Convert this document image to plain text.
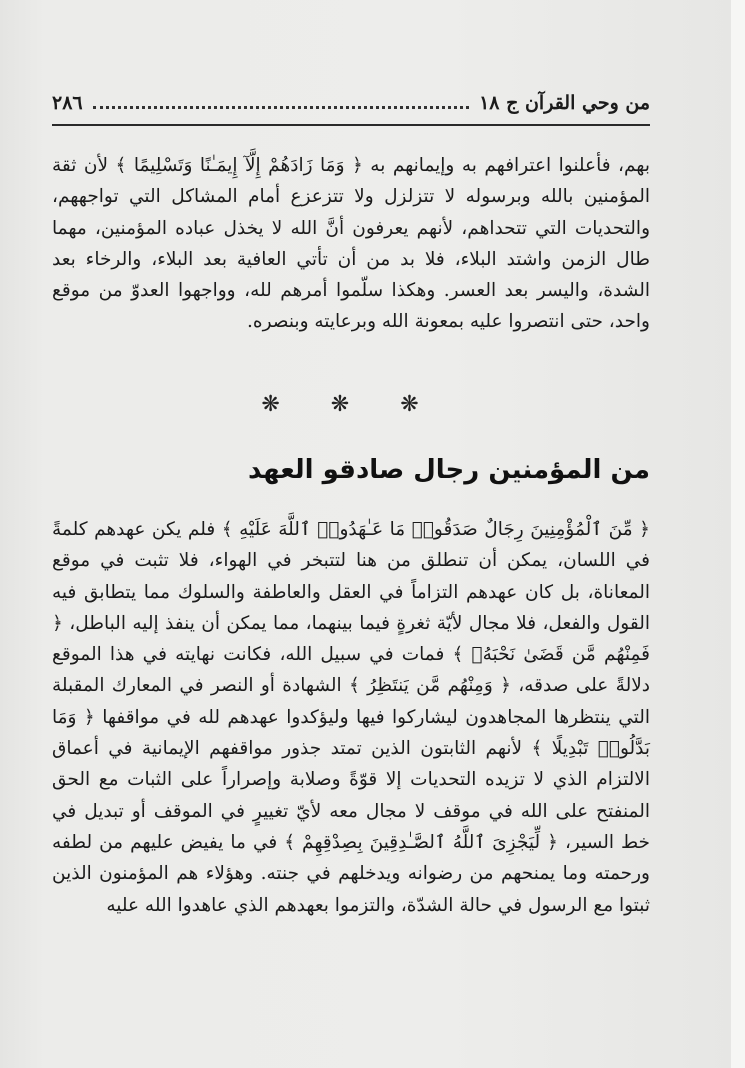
من وحي القرآن ج ١٨
٢٨٦

بهم، فأعلنوا اعترافهم به وإيمانهم به ﴿ وَمَا زَادَهُمْ إِلَّآ إِيمَـٰنًا وَتَسْلِيمًا ﴾ لأن ثقة المؤمنين بالله وبرسوله لا تتزلزل ولا تتزعزع أمام المشاكل التي تواجههم، والتحديات التي تتحداهم، لأنهم يعرفون أنَّ الله لا يخذل عباده المؤمنين، مهما طال الزمن واشتد البلاء، فلا بد من أن تأتي العافية بعد البلاء، والرخاء بعد الشدة، واليسر بعد العسر. وهكذا سلّموا أمرهم لله، وواجهوا العدوّ من موقع واحد، حتى انتصروا عليه بمعونة الله وبرعايته وبنصره.

❋ ❋ ❋
من المؤمنين رجال صادقو العهد

﴿ مِّنَ ٱلْمُؤْمِنِينَ رِجَالٌ صَدَقُوا۟ مَا عَـٰهَدُوا۟ ٱللَّهَ عَلَيْهِ ﴾ فلم يكن عهدهم كلمةً في اللسان، يمكن أن تنطلق من هنا لتتبخر في الهواء، فلا تثبت في موقع المعاناة، بل كان عهدهم التزاماً في العقل والعاطفة والسلوك مما يتطابق فيه القول والفعل، فلا مجال لأيّة ثغرةٍ فيما بينهما، مما يمكن أن ينفذ إليه الباطل، ﴿ فَمِنْهُم مَّن قَضَىٰ نَحْبَهُۥ ﴾ فمات في سبيل الله، فكانت نهايته في هذا الموقع دلالةً على صدقه، ﴿ وَمِنْهُم مَّن يَنتَظِرُ ﴾ الشهادة أو النصر في المعارك المقبلة التي ينتظرها المجاهدون ليشاركوا فيها وليؤكدوا عهدهم لله في مواقفها ﴿ وَمَا بَدَّلُوا۟ تَبْدِيلًا ﴾ لأنهم الثابتون الذين تمتد جذور مواقفهم الإيمانية في أعماق الالتزام الذي لا تزيده التحديات إلا قوّةً وصلابة وإصراراً على الثبات مع الحق المنفتح على الله في موقف لا مجال معه لأيّ تغييرٍ في الموقف أو تبديل في خط السير، ﴿ لِّيَجْزِىَ ٱللَّهُ ٱلصَّـٰدِقِينَ بِصِدْقِهِمْ ﴾ في ما يفيض عليهم من لطفه ورحمته وما يمنحهم من رضوانه ويدخلهم في جنته. وهؤلاء هم المؤمنون الذين ثبتوا مع الرسول في حالة الشدّة، والتزموا بعهدهم الذي عاهدوا الله عليه
